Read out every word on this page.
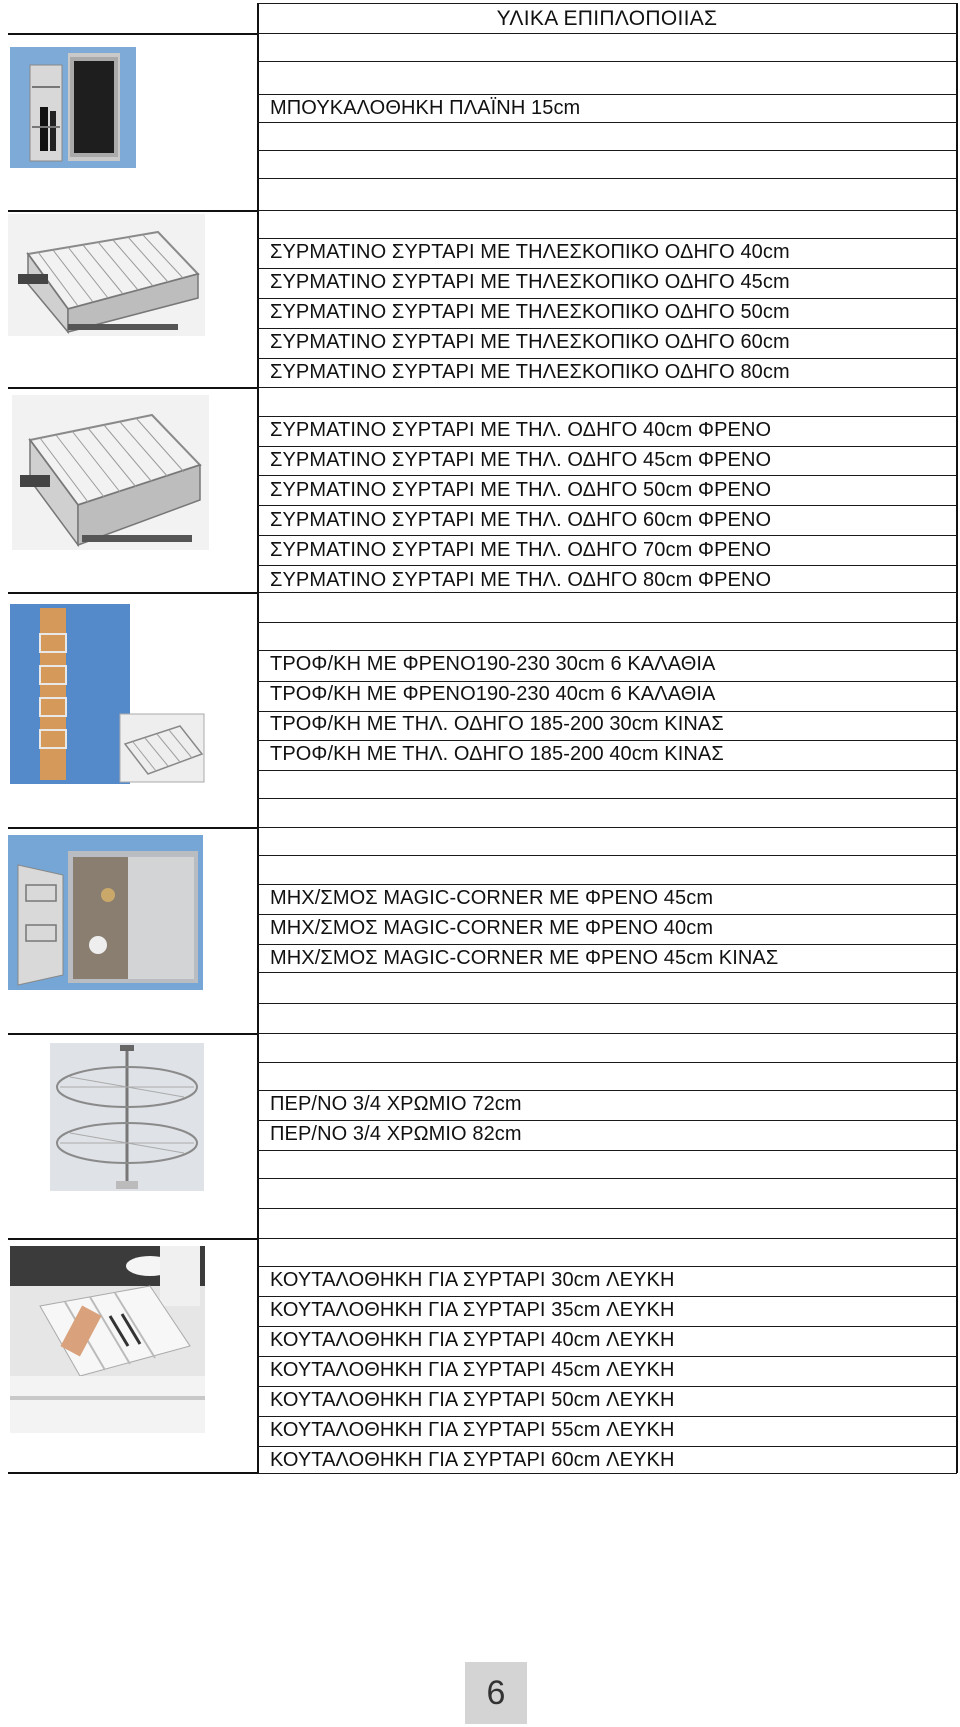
ΥΛΙΚΑ ΕΠΙΠΛΟΠΟΙΙΑΣ
ΜΠΟΥΚΑΛΟΘΗΚΗ ΠΛΑΪΝΗ 15cm
ΣΥΡΜΑΤΙΝΟ ΣΥΡΤΑΡΙ ΜΕ ΤΗΛΕΣΚΟΠΙΚΟ ΟΔΗΓΟ 40cm
ΣΥΡΜΑΤΙΝΟ ΣΥΡΤΑΡΙ ΜΕ ΤΗΛΕΣΚΟΠΙΚΟ ΟΔΗΓΟ 45cm
ΣΥΡΜΑΤΙΝΟ ΣΥΡΤΑΡΙ ΜΕ ΤΗΛΕΣΚΟΠΙΚΟ ΟΔΗΓΟ 50cm
ΣΥΡΜΑΤΙΝΟ ΣΥΡΤΑΡΙ ΜΕ ΤΗΛΕΣΚΟΠΙΚΟ ΟΔΗΓΟ 60cm
ΣΥΡΜΑΤΙΝΟ ΣΥΡΤΑΡΙ ΜΕ ΤΗΛΕΣΚΟΠΙΚΟ ΟΔΗΓΟ 80cm
ΣΥΡΜΑΤΙΝΟ ΣΥΡΤΑΡΙ ΜΕ ΤΗΛ. ΟΔΗΓΟ 40cm ΦΡΕΝΟ
ΣΥΡΜΑΤΙΝΟ ΣΥΡΤΑΡΙ ΜΕ ΤΗΛ. ΟΔΗΓΟ 45cm ΦΡΕΝΟ
ΣΥΡΜΑΤΙΝΟ ΣΥΡΤΑΡΙ ΜΕ ΤΗΛ. ΟΔΗΓΟ 50cm ΦΡΕΝΟ
ΣΥΡΜΑΤΙΝΟ ΣΥΡΤΑΡΙ ΜΕ ΤΗΛ. ΟΔΗΓΟ 60cm ΦΡΕΝΟ
ΣΥΡΜΑΤΙΝΟ ΣΥΡΤΑΡΙ ΜΕ ΤΗΛ. ΟΔΗΓΟ 70cm ΦΡΕΝΟ
ΣΥΡΜΑΤΙΝΟ ΣΥΡΤΑΡΙ ΜΕ ΤΗΛ. ΟΔΗΓΟ 80cm ΦΡΕΝΟ
ΤΡΟΦ/ΚΗ ΜΕ ΦΡΕΝΟ190-230 30cm 6 ΚΑΛΑΘΙΑ
ΤΡΟΦ/ΚΗ ΜΕ ΦΡΕΝΟ190-230 40cm 6 ΚΑΛΑΘΙΑ
ΤΡΟΦ/ΚΗ ΜΕ ΤΗΛ. ΟΔΗΓΟ 185-200 30cm ΚΙΝΑΣ
ΤΡΟΦ/ΚΗ ΜΕ ΤΗΛ. ΟΔΗΓΟ 185-200 40cm ΚΙΝΑΣ
ΜΗΧ/ΣΜΟΣ MAGIC-CORNER ΜΕ ΦΡΕΝΟ 45cm
ΜΗΧ/ΣΜΟΣ MAGIC-CORNER ΜΕ ΦΡΕΝΟ 40cm
ΜΗΧ/ΣΜΟΣ MAGIC-CORNER ΜΕ ΦΡΕΝΟ 45cm ΚΙΝΑΣ
ΠΕΡ/ΝΟ 3/4 ΧΡΩΜΙΟ 72cm
ΠΕΡ/ΝΟ 3/4 ΧΡΩΜΙΟ 82cm
ΚΟΥΤΑΛΟΘΗΚΗ ΓΙΑ ΣΥΡΤΑΡΙ 30cm ΛΕΥΚΗ
ΚΟΥΤΑΛΟΘΗΚΗ ΓΙΑ ΣΥΡΤΑΡΙ 35cm ΛΕΥΚΗ
ΚΟΥΤΑΛΟΘΗΚΗ ΓΙΑ ΣΥΡΤΑΡΙ 40cm ΛΕΥΚΗ
ΚΟΥΤΑΛΟΘΗΚΗ ΓΙΑ ΣΥΡΤΑΡΙ 45cm ΛΕΥΚΗ
ΚΟΥΤΑΛΟΘΗΚΗ ΓΙΑ ΣΥΡΤΑΡΙ 50cm ΛΕΥΚΗ
ΚΟΥΤΑΛΟΘΗΚΗ ΓΙΑ ΣΥΡΤΑΡΙ 55cm ΛΕΥΚΗ
ΚΟΥΤΑΛΟΘΗΚΗ ΓΙΑ ΣΥΡΤΑΡΙ 60cm ΛΕΥΚΗ
6
